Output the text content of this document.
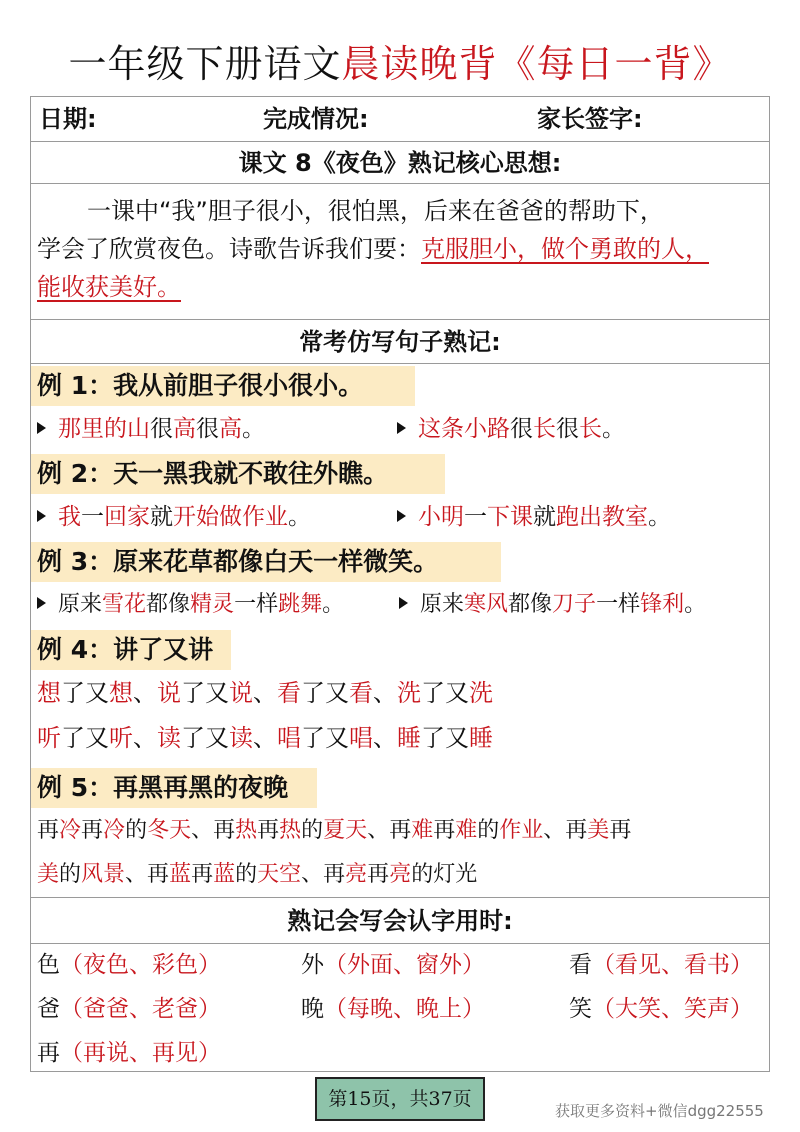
一年级下册语文晨读晚背《每日一背》
日期:	完成情况:	家长签字:
课文 8《夜色》熟记核心思想:
一课中“我”胆子很小，很怕黑，后来在爸爸的帮助下，
学会了欣赏夜色。诗歌告诉我们要：克服胆小，做个勇敢的人，
能收获美好。
常考仿写句子熟记:
例 1：我从前胆子很小很小。
那里的山很高很高。	这条小路很长很长。
例 2：天一黑我就不敢往外瞧。
我一回家就开始做作业。	小明一下课就跑出教室。
例 3：原来花草都像白天一样微笑。
原来雪花都像精灵一样跳舞。	原来寒风都像刀子一样锋利。
例 4：讲了又讲
想了又想、说了又说、看了又看、洗了又洗
听了又听、读了又读、唱了又唱、睡了又睡
例 5：再黑再黑的夜晚
再冷再冷的冬天、再热再热的夏天、再难再难的作业、再美再
美的风景、再蓝再蓝的天空、再亮再亮的灯光
熟记会写会认字用时:
色（夜色、彩色）	外（外面、窗外）	看（看见、看书）
爸（爸爸、老爸）	晚（每晚、晚上）	笑（大笑、笑声）
再（再说、再见）
第15页，共37页
获取更多资料+微信dgg22555
